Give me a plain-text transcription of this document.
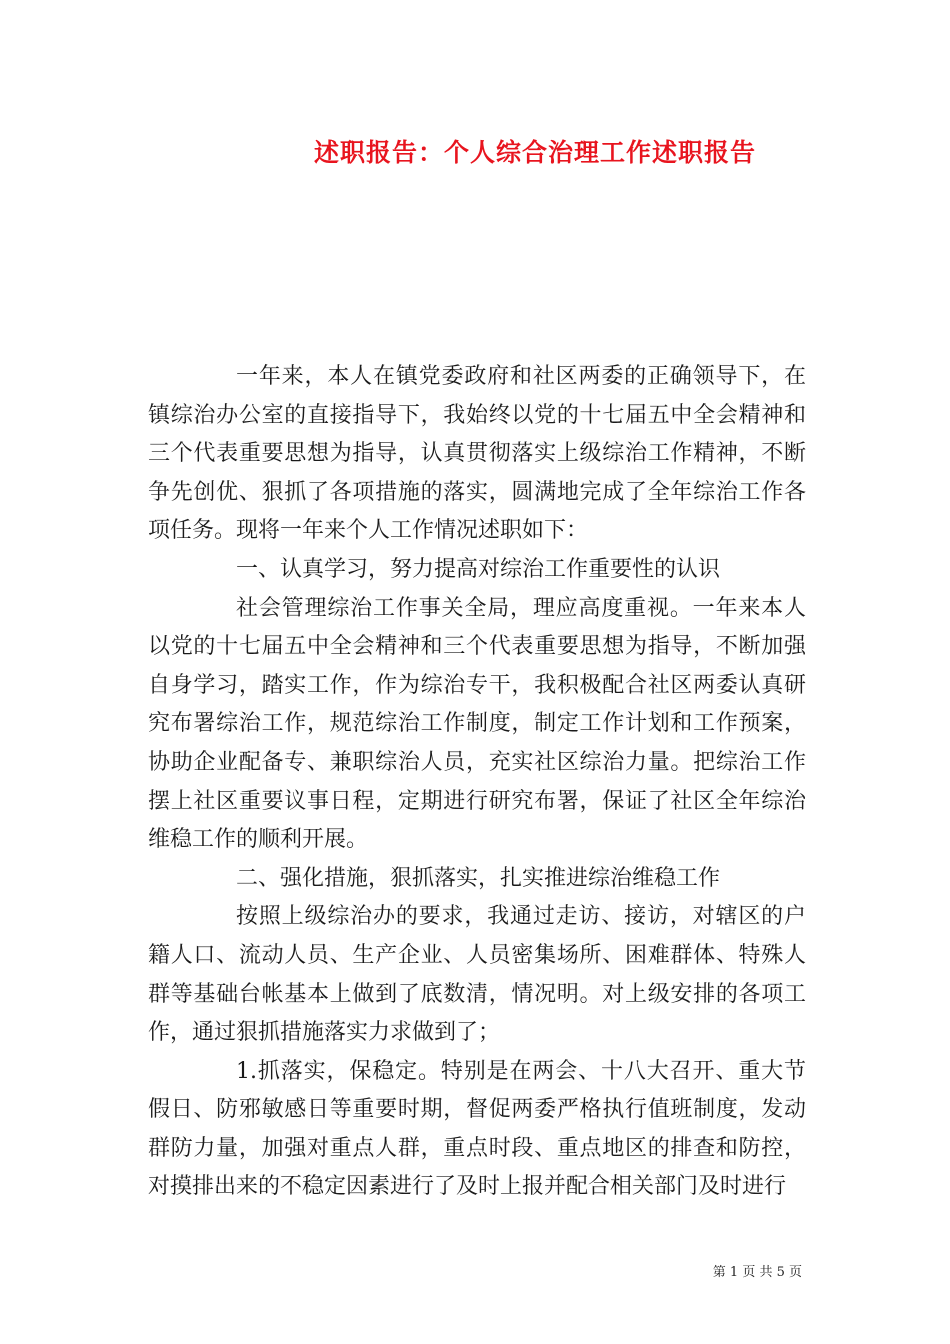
述职报告：个人综合治理工作述职报告

一年来，本人在镇党委政府和社区两委的正确领导下，在镇综治办公室的直接指导下，我始终以党的十七届五中全会精神和三个代表重要思想为指导，认真贯彻落实上级综治工作精神，不断争先创优、狠抓了各项措施的落实，圆满地完成了全年综治工作各项任务。现将一年来个人工作情况述职如下：

一、认真学习，努力提高对综治工作重要性的认识

社会管理综治工作事关全局，理应高度重视。一年来本人以党的十七届五中全会精神和三个代表重要思想为指导，不断加强自身学习，踏实工作，作为综治专干，我积极配合社区两委认真研究布署综治工作，规范综治工作制度，制定工作计划和工作预案，协助企业配备专、兼职综治人员，充实社区综治力量。把综治工作摆上社区重要议事日程，定期进行研究布署，保证了社区全年综治维稳工作的顺利开展。

二、强化措施，狠抓落实，扎实推进综治维稳工作

按照上级综治办的要求，我通过走访、接访，对辖区的户籍人口、流动人员、生产企业、人员密集场所、困难群体、特殊人群等基础台帐基本上做到了底数清，情况明。对上级安排的各项工作，通过狠抓措施落实力求做到了；

1.抓落实，保稳定。特别是在两会、十八大召开、重大节假日、防邪敏感日等重要时期，督促两委严格执行值班制度，发动群防力量，加强对重点人群，重点时段、重点地区的排查和防控，对摸排出来的不稳定因素进行了及时上报并配合相关部门及时进行

第 1 页 共 5 页
